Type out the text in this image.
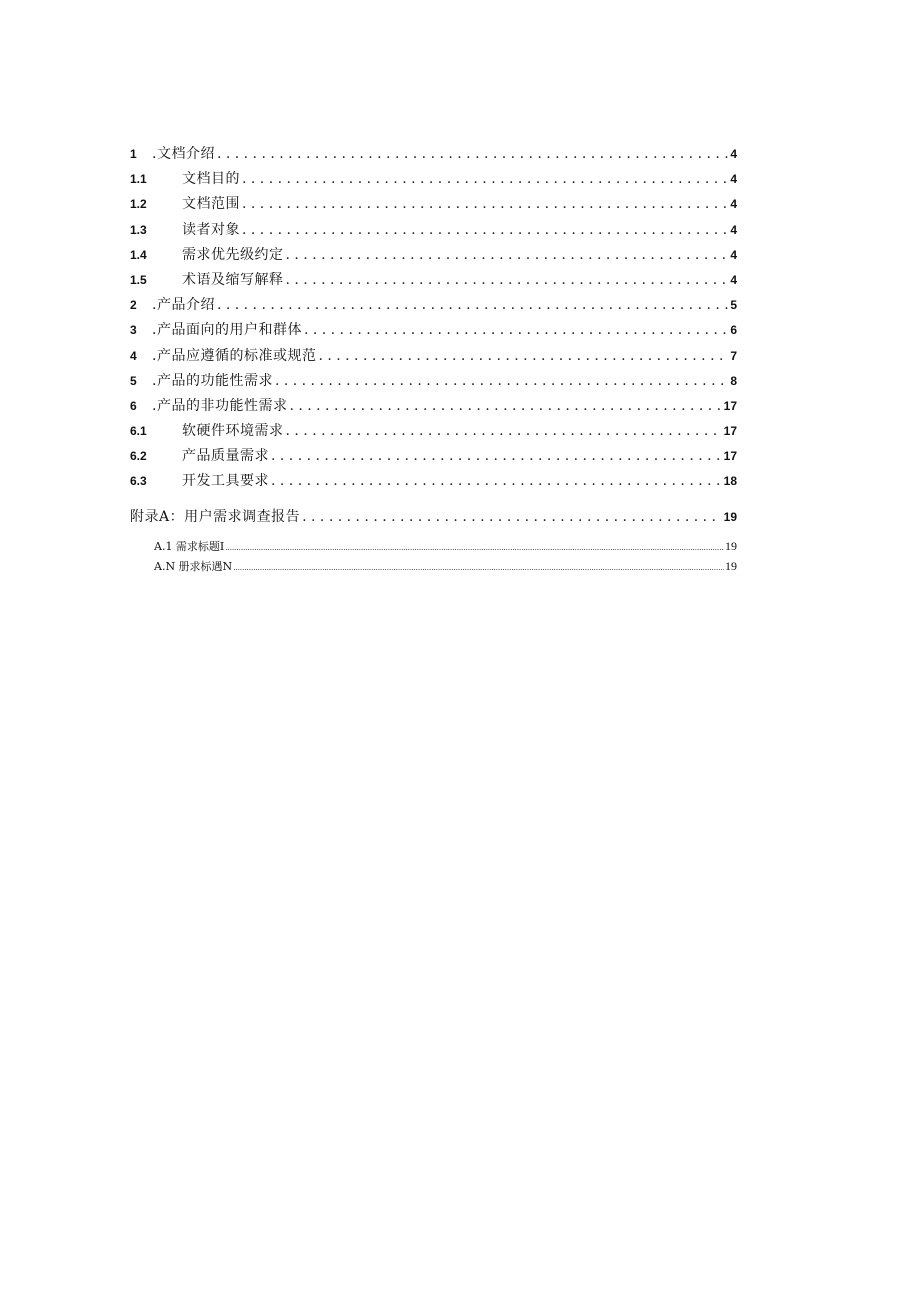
1	.文档介绍 . . .	4
1.1	文档目的 . . .	4
1.2	文档范围 . . .	4
1.3	读者对象 . . .	4
1.4	需求优先级约定 . . .	4
1.5	术语及缩写解释 . . .	4
2	.产品介绍 . . .	5
3	.产品面向的用户和群体 . . .	6
4	.产品应遵循的标准或规范 . . .	7
5	.产品的功能性需求 . . .	8
6	.产品的非功能性需求 . . .	17
6.1	软硬件环境需求 . . .	17
6.2	产品质量需求 . . .	17
6.3	开发工具要求 . . .	18
附录A：用户需求调查报告 . . .	19
A.1 需求标题I .....	19
A.N 册求标遇N .....	19
